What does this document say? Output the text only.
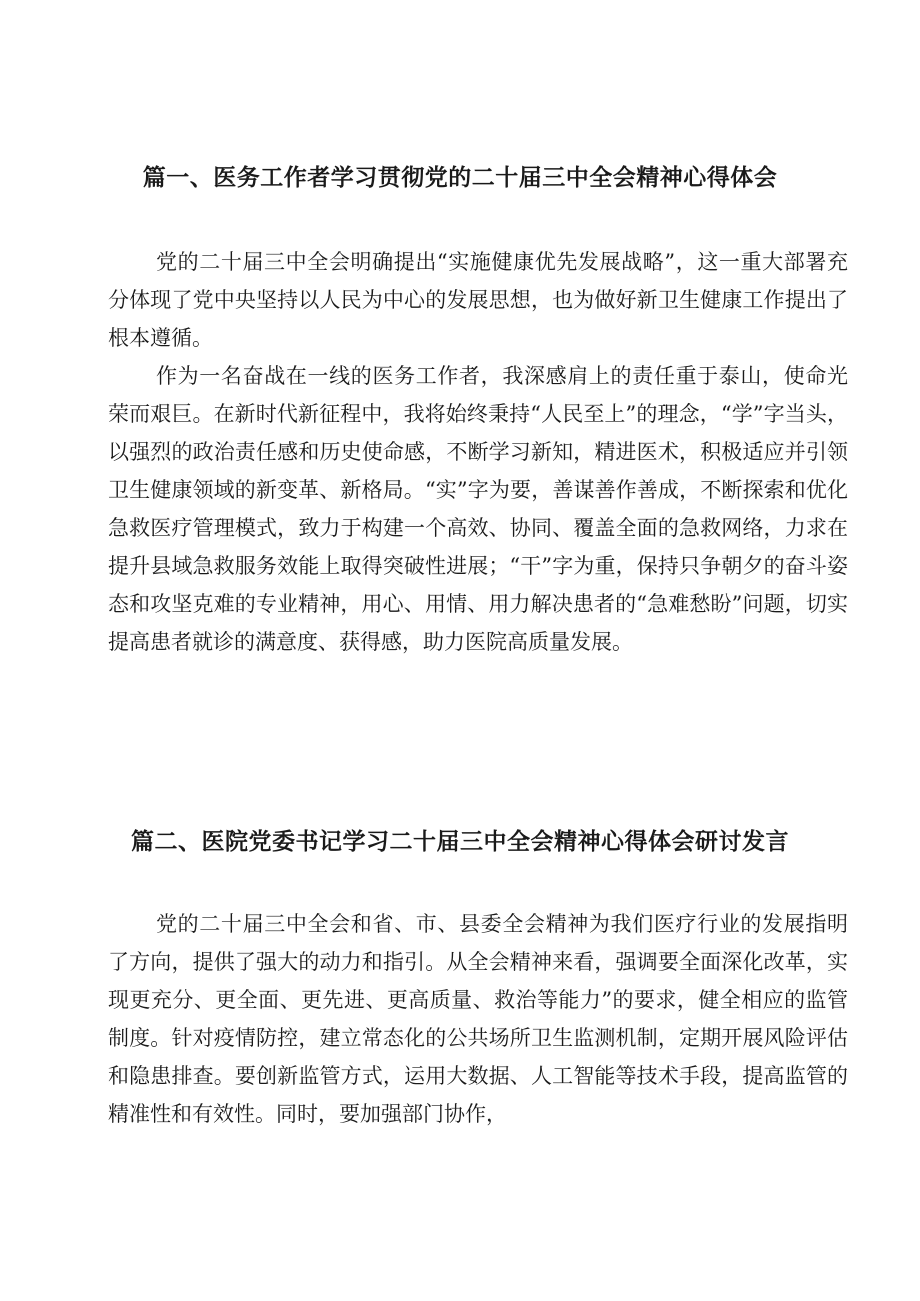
篇一、医务工作者学习贯彻党的二十届三中全会精神心得体会

党的二十届三中全会明确提出“实施健康优先发展战略”，这一重大部署充分体现了党中央坚持以人民为中心的发展思想，也为做好新卫生健康工作提出了根本遵循。

作为一名奋战在一线的医务工作者，我深感肩上的责任重于泰山，使命光荣而艰巨。在新时代新征程中，我将始终秉持“人民至上”的理念，“学”字当头，以强烈的政治责任感和历史使命感，不断学习新知，精进医术，积极适应并引领卫生健康领域的新变革、新格局。“实”字为要，善谋善作善成，不断探索和优化急救医疗管理模式，致力于构建一个高效、协同、覆盖全面的急救网络，力求在提升县域急救服务效能上取得突破性进展；“干”字为重，保持只争朝夕的奋斗姿态和攻坚克难的专业精神，用心、用情、用力解决患者的“急难愁盼”问题，切实提高患者就诊的满意度、获得感，助力医院高质量发展。

篇二、医院党委书记学习二十届三中全会精神心得体会研讨发言

党的二十届三中全会和省、市、县委全会精神为我们医疗行业的发展指明了方向，提供了强大的动力和指引。从全会精神来看，强调要全面深化改革，实现更充分、更全面、更先进、更高质量、救治等能力”的要求，健全相应的监管制度。针对疫情防控，建立常态化的公共场所卫生监测机制，定期开展风险评估和隐患排查。要创新监管方式，运用大数据、人工智能等技术手段，提高监管的精准性和有效性。同时，要加强部门协作，
